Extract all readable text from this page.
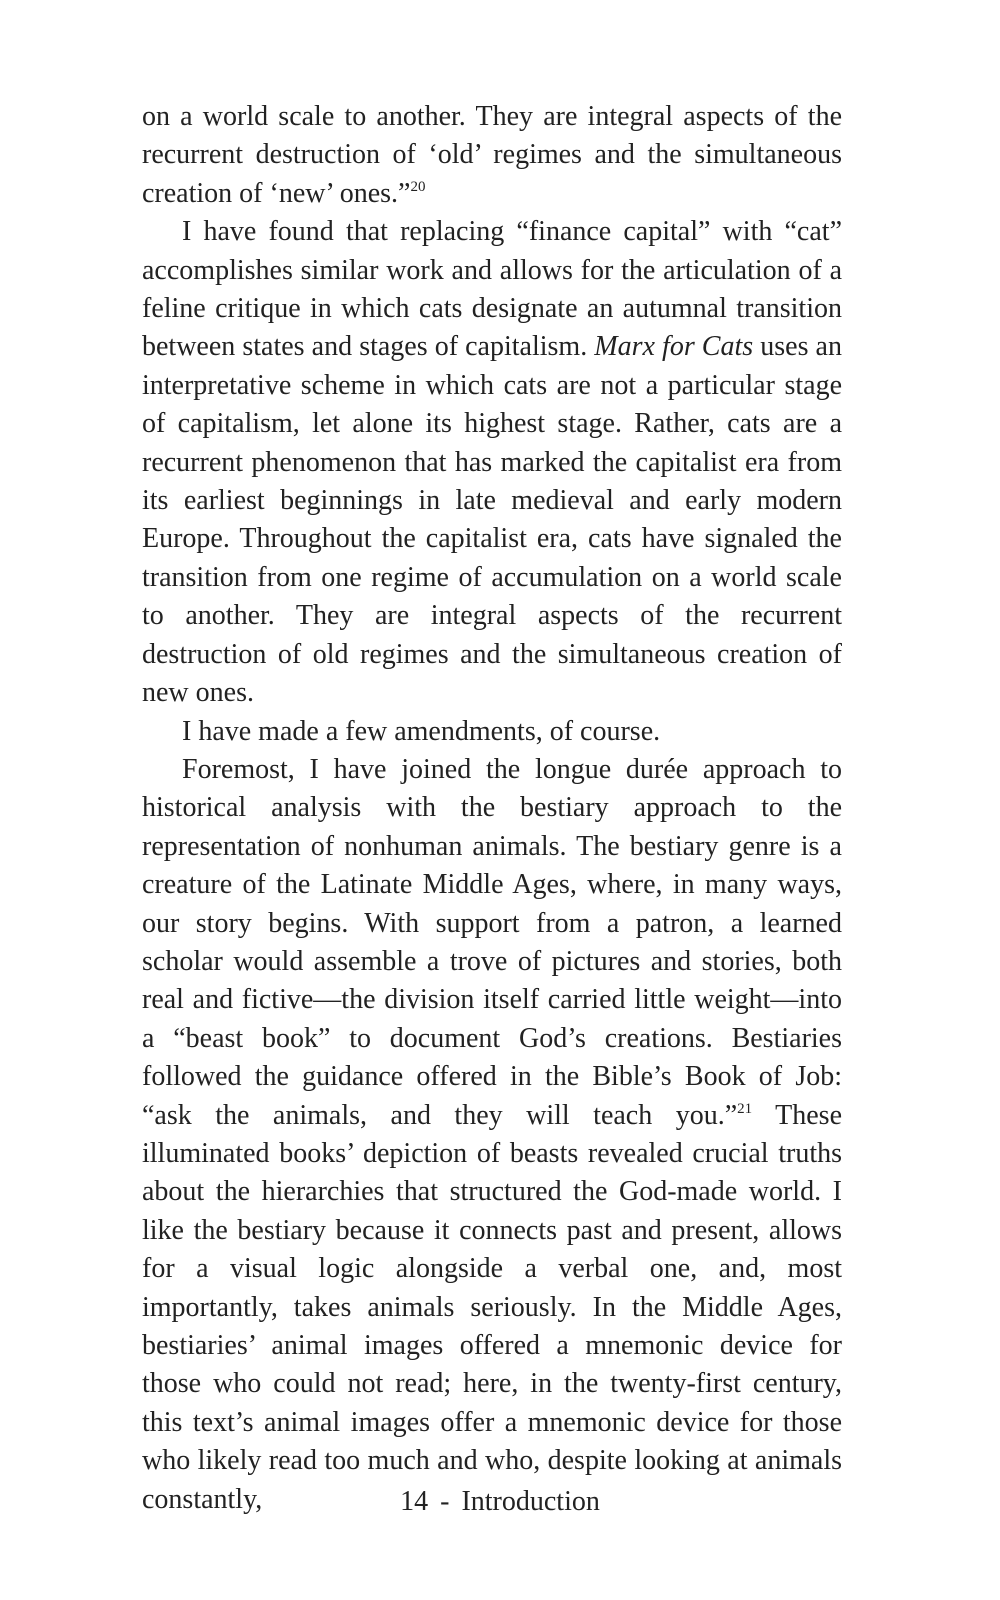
on a world scale to another. They are integral aspects of the recurrent destruction of ‘old’ regimes and the simultaneous creation of ‘new’ ones.”$^{20}$

I have found that replacing “finance capital” with “cat” accomplishes similar work and allows for the articulation of a feline critique in which cats designate an autumnal transition between states and stages of capitalism. Marx for Cats uses an interpretative scheme in which cats are not a particular stage of capitalism, let alone its highest stage. Rather, cats are a recurrent phenomenon that has marked the capitalist era from its earliest beginnings in late medieval and early modern Europe. Throughout the capitalist era, cats have signaled the transition from one regime of accumulation on a world scale to another. They are integral aspects of the recurrent destruction of old regimes and the simultaneous creation of new ones.

I have made a few amendments, of course.

Foremost, I have joined the longue durée approach to historical analysis with the bestiary approach to the representation of nonhuman animals. The bestiary genre is a creature of the Latinate Middle Ages, where, in many ways, our story begins. With support from a patron, a learned scholar would assemble a trove of pictures and stories, both real and fictive—the division itself carried little weight—into a “beast book” to document God’s creations. Bestiaries followed the guidance offered in the Bible’s Book of Job: “ask the animals, and they will teach you.”$^{21}$ These illuminated books’ depiction of beasts revealed crucial truths about the hierarchies that structured the God-made world. I like the bestiary because it connects past and present, allows for a visual logic alongside a verbal one, and, most importantly, takes animals seriously. In the Middle Ages, bestiaries’ animal images offered a mnemonic device for those who could not read; here, in the twenty-first century, this text’s animal images offer a mnemonic device for those who likely read too much and who, despite looking at animals constantly,	14 - Introduction
